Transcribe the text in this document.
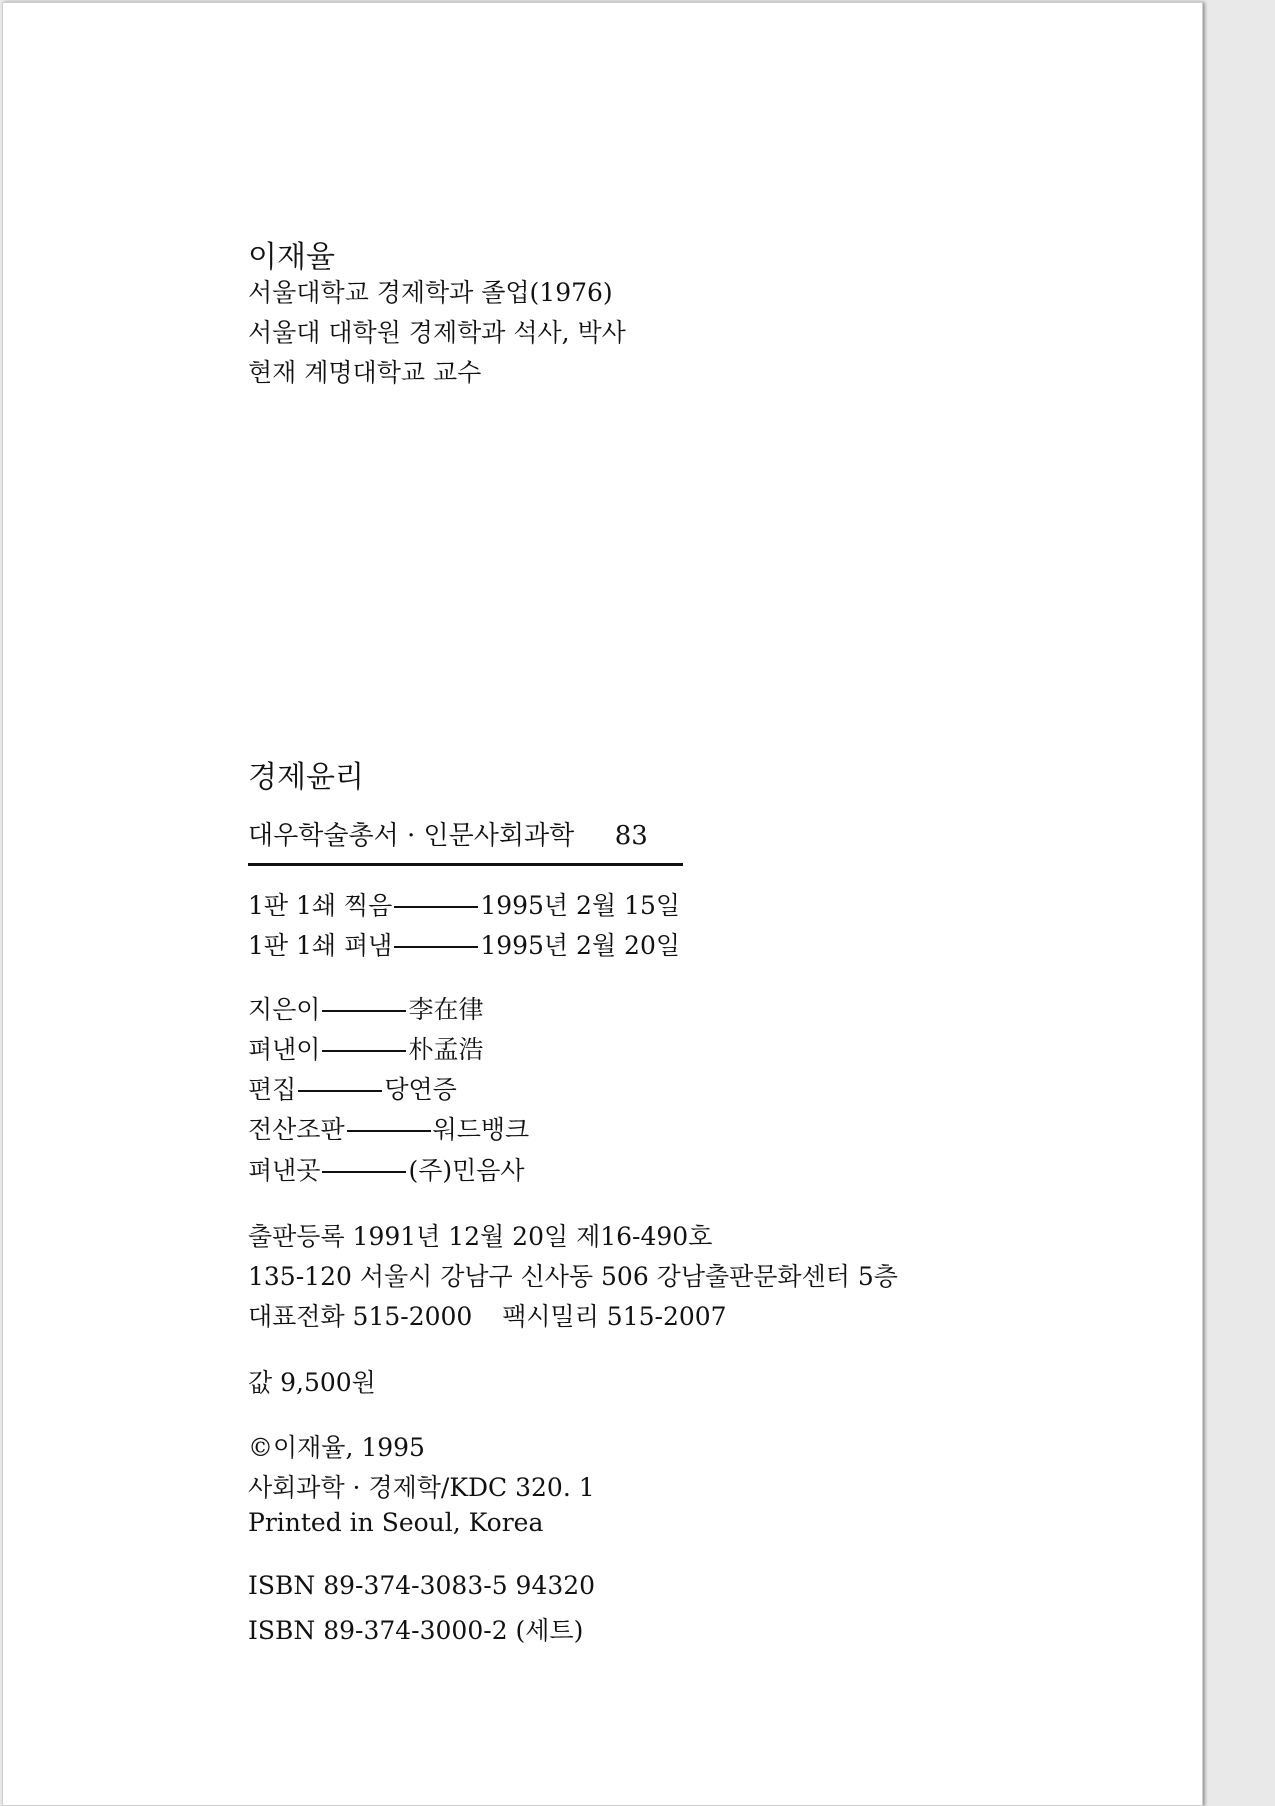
이재율
서울대학교 경제학과 졸업(1976)
서울대 대학원 경제학과 석사, 박사
현재 계명대학교 교수
경제윤리
대우학술총서 · 인문사회과학 83
1판 1쇄 찍음	1995년 2월 15일
1판 1쇄 펴냄	1995년 2월 20일
지은이	李在律
펴낸이	朴孟浩
편집	당연증
전산조판	워드뱅크
펴낸곳	(주)민음사
출판등록 1991년 12월 20일 제16-490호
135-120 서울시 강남구 신사동 506 강남출판문화센터 5층
대표전화 515-2000 팩시밀리 515-2007
값 9,500원
©이재율, 1995
사회과학 · 경제학/KDC 320. 1
Printed in Seoul, Korea
ISBN 89-374-3083-5 94320
ISBN 89-374-3000-2 (세트)
